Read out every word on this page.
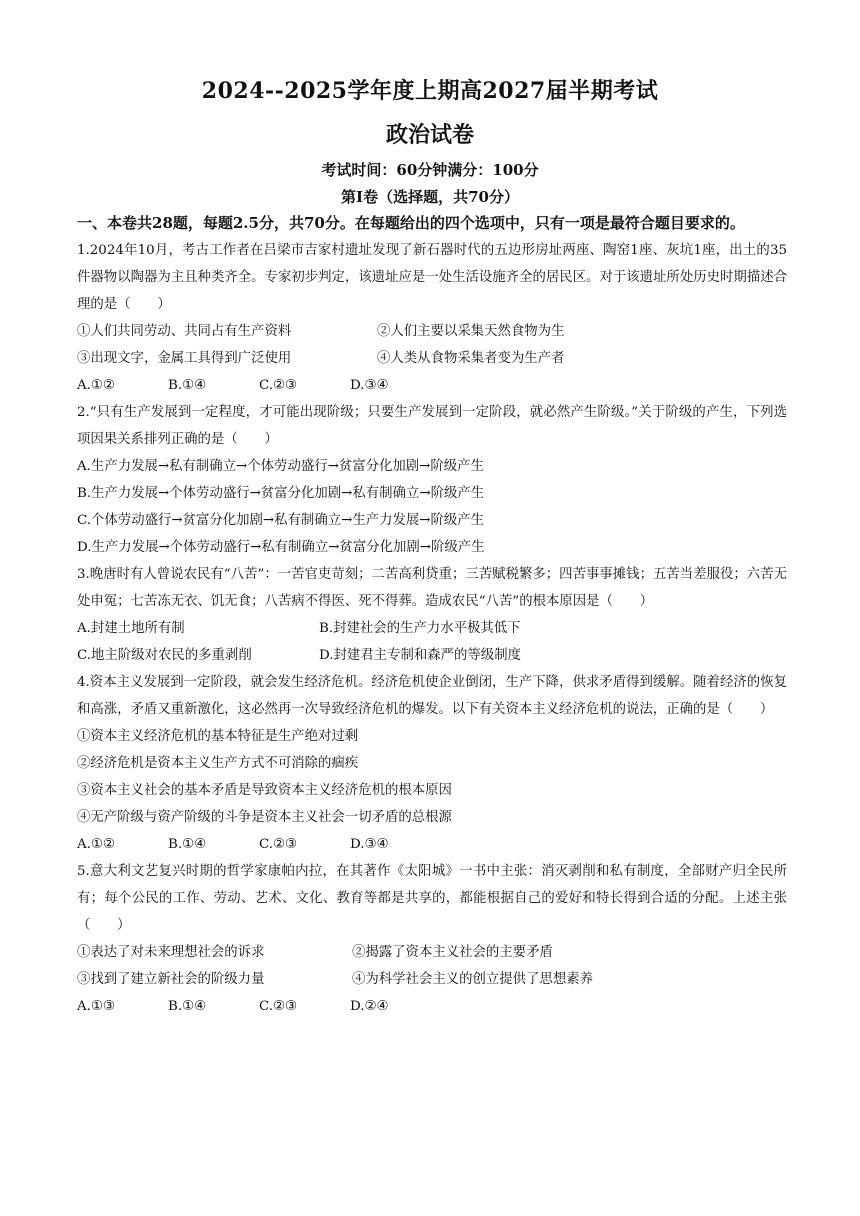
2024--2025学年度上期高2027届半期考试
政治试卷
考试时间：60分钟满分：100分
第Ⅰ卷（选择题，共70分）

一、本卷共28题，每题2.5分，共70分。在每题给出的四个选项中，只有一项是最符合题目要求的。

1.2024年10月，考古工作者在吕梁市吉家村遗址发现了新石器时代的五边形房址两座、陶窑1座、灰坑1座，出土的35件器物以陶器为主且种类齐全。专家初步判定，该遗址应是一处生活设施齐全的居民区。对于该遗址所处历史时期描述合理的是（　　）

①人们共同劳动、共同占有生产资料	②人们主要以采集天然食物为生
③出现文字，金属工具得到广泛使用	④人类从食物采集者变为生产者
A.①②	B.①④	C.②③	D.③④

2.“只有生产发展到一定程度，才可能出现阶级；只要生产发展到一定阶段，就必然产生阶级。”关于阶级的产生，下列选项因果关系排列正确的是（　　）

A.生产力发展→私有制确立→个体劳动盛行→贫富分化加剧→阶级产生

B.生产力发展→个体劳动盛行→贫富分化加剧→私有制确立→阶级产生

C.个体劳动盛行→贫富分化加剧→私有制确立→生产力发展→阶级产生

D.生产力发展→个体劳动盛行→私有制确立→贫富分化加剧→阶级产生

3.晚唐时有人曾说农民有“八苦”：一苦官吏苛刻；二苦高利贷重；三苦赋税繁多；四苦事事摊钱；五苦当差服役；六苦无处申冤；七苦冻无衣、饥无食；八苦病不得医、死不得葬。造成农民“八苦”的根本原因是（　　）

A.封建土地所有制	B.封建社会的生产力水平极其低下
C.地主阶级对农民的多重剥削	D.封建君主专制和森严的等级制度

4.资本主义发展到一定阶段，就会发生经济危机。经济危机使企业倒闭，生产下降，供求矛盾得到缓解。随着经济的恢复和高涨，矛盾又重新激化，这必然再一次导致经济危机的爆发。以下有关资本主义经济危机的说法，正确的是（　　）

①资本主义经济危机的基本特征是生产绝对过剩

②经济危机是资本主义生产方式不可消除的痼疾

③资本主义社会的基本矛盾是导致资本主义经济危机的根本原因

④无产阶级与资产阶级的斗争是资本主义社会一切矛盾的总根源

A.①②	B.①④	C.②③	D.③④

5.意大利文艺复兴时期的哲学家康帕内拉，在其著作《太阳城》一书中主张：消灭剥削和私有制度，全部财产归全民所有；每个公民的工作、劳动、艺术、文化、教育等都是共享的，都能根据自己的爱好和特长得到合适的分配。上述主张（　　）

①表达了对未来理想社会的诉求	②揭露了资本主义社会的主要矛盾
③找到了建立新社会的阶级力量	④为科学社会主义的创立提供了思想素养
A.①③	B.①④	C.②③	D.②④
